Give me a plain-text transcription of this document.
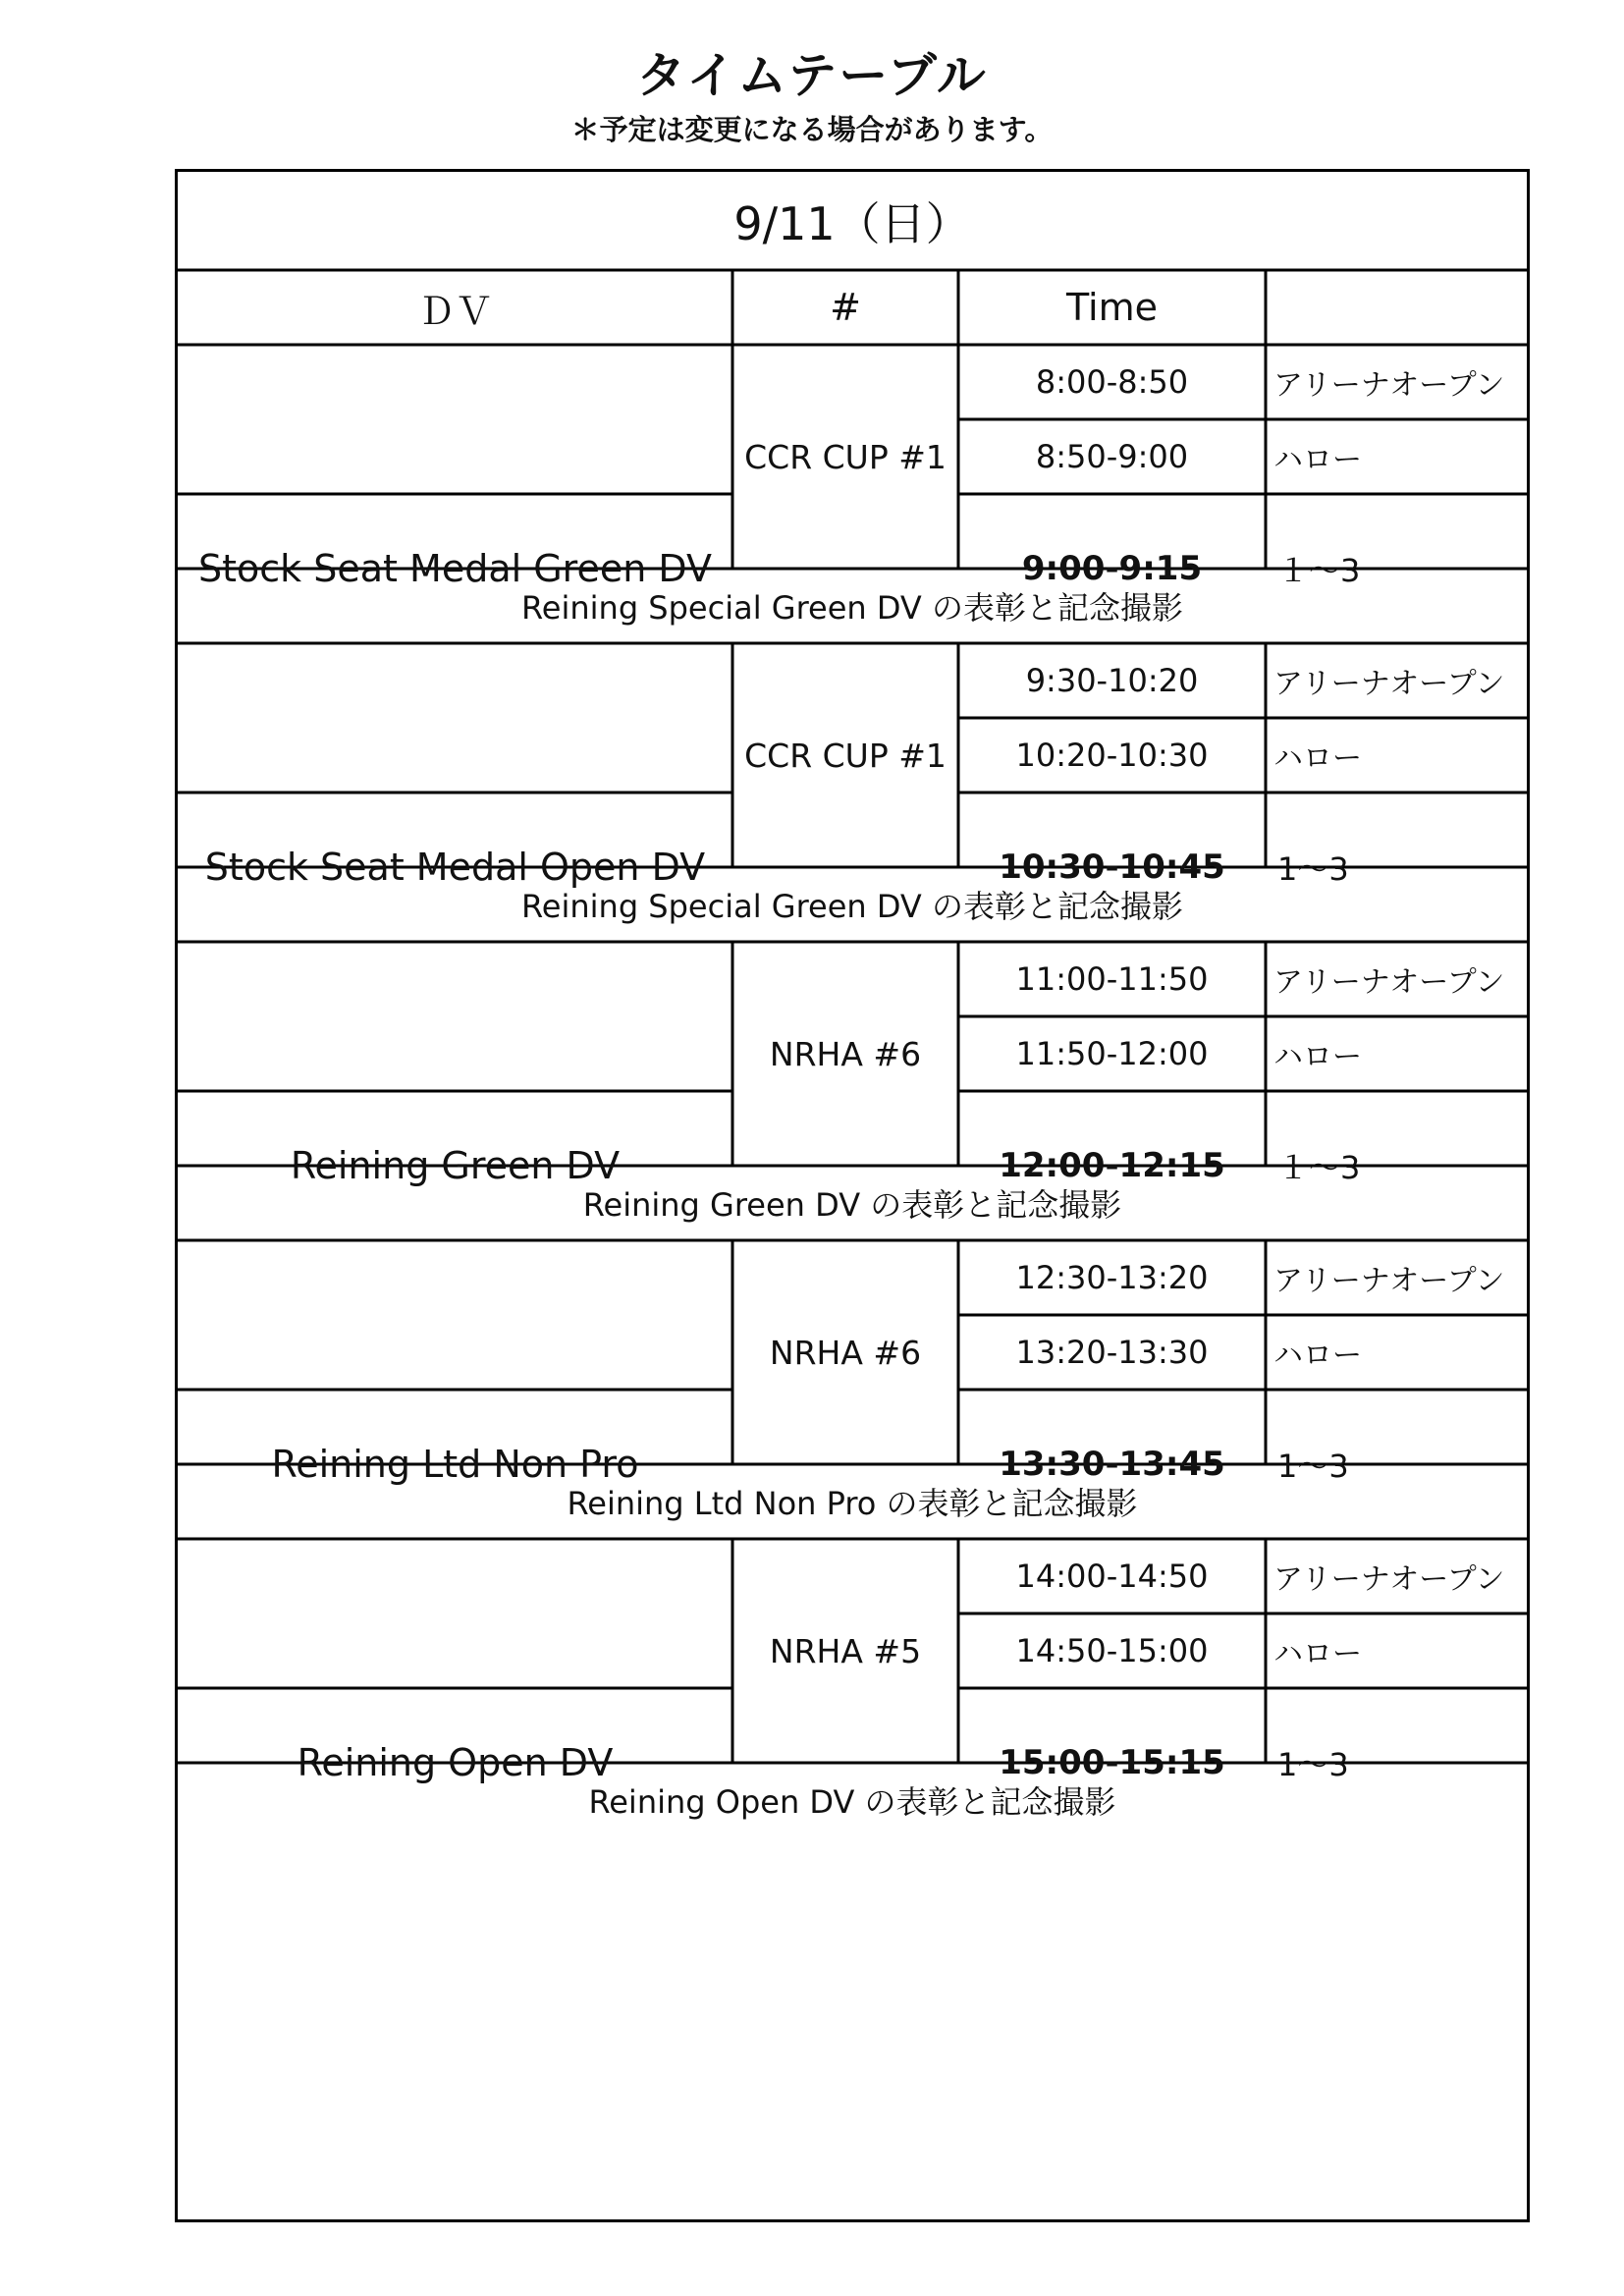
タイムテーブル
＊予定は変更になる場合があります。
9/11（日）
ＤＶ	#	Time
Stock Seat Medal Green DV
CCR CUP #1
8:00-8:50	アリーナオープン
8:50-9:00	ハロー
9:00-9:15	１～3
Reining Special Green DV の表彰と記念撮影
Stock Seat Medal Open DV
CCR CUP #1
9:30-10:20	アリーナオープン
10:20-10:30	ハロー
10:30-10:45	1～3
Reining Special Green DV の表彰と記念撮影
Reining Green DV
NRHA #6
11:00-11:50	アリーナオープン
11:50-12:00	ハロー
12:00-12:15	１～3
Reining Green DV の表彰と記念撮影
Reining Ltd Non Pro
NRHA #6
12:30-13:20	アリーナオープン
13:20-13:30	ハロー
13:30-13:45	1～3
Reining Ltd Non Pro の表彰と記念撮影
Reining Open DV
NRHA #5
14:00-14:50	アリーナオープン
14:50-15:00	ハロー
15:00-15:15	1～3
Reining Open DV の表彰と記念撮影
